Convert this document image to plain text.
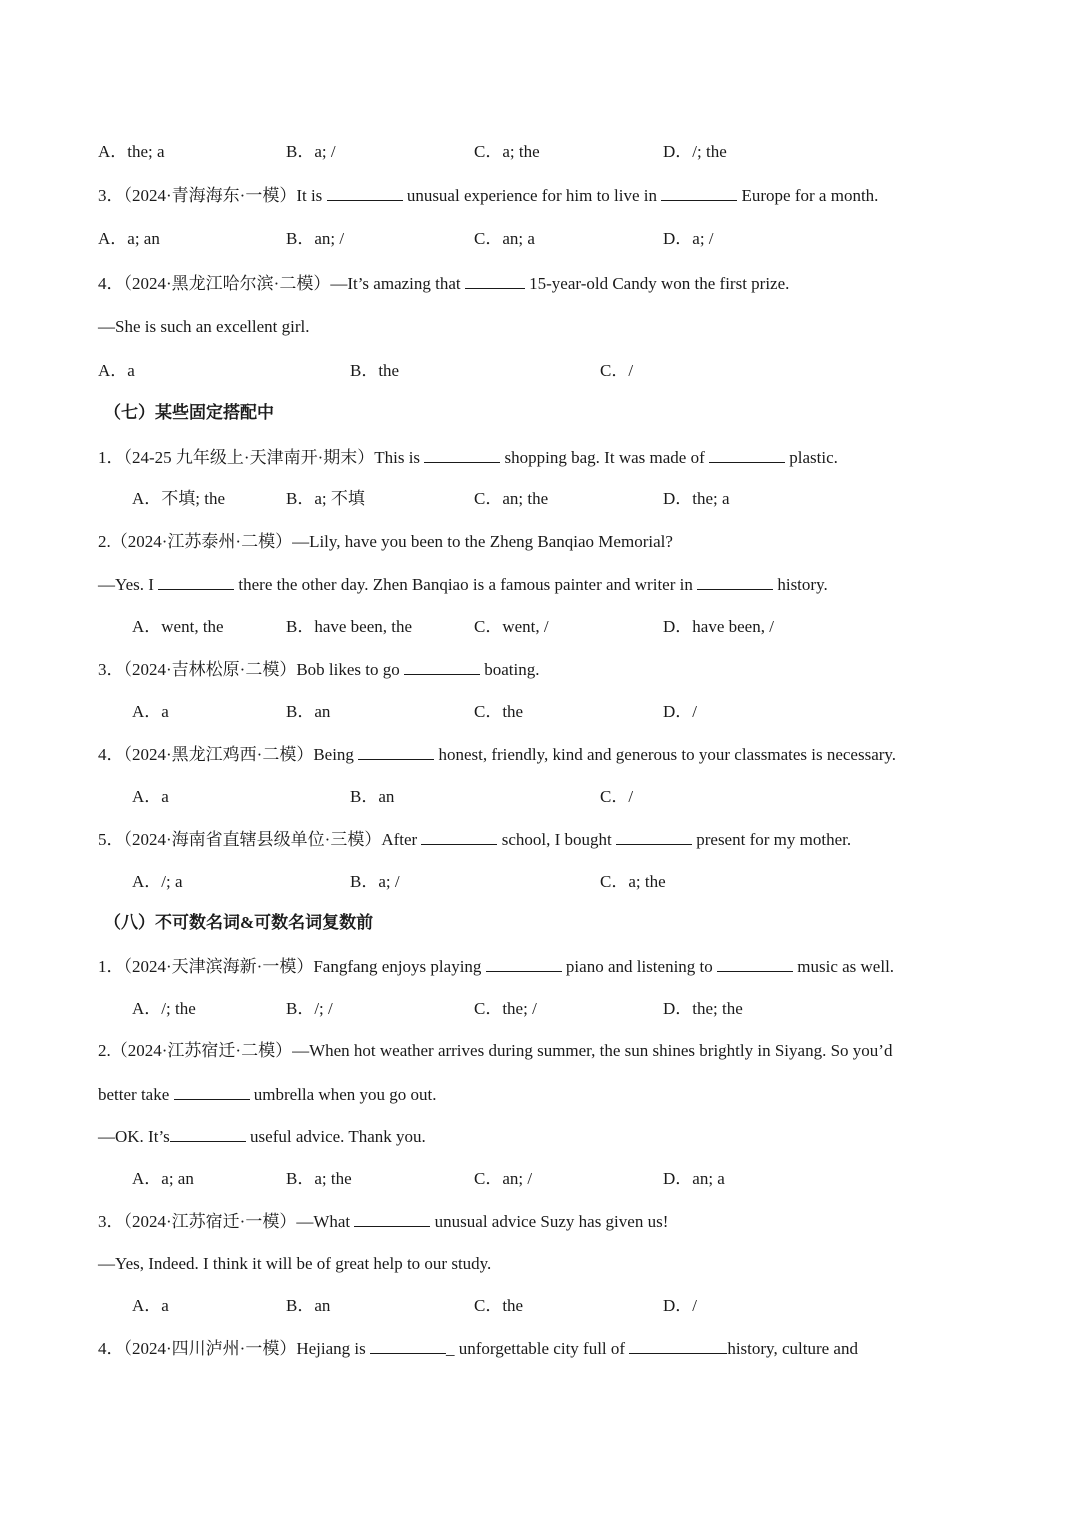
A．the; a	B．a; /	C．a; the	D．/; the
3．（2024·青海海东·一模）It is	unusual experience for him to live in	Europe for a month.
A．a; an	B．an; /	C．an; a	D．a; /
4．（2024·黑龙江哈尔滨·二模）—It’s amazing that	15-year-old Candy won the first prize.
—She is such an excellent girl.
A．a	B．the	C．/
（七）某些固定搭配中
1．（24-25 九年级上·天津南开·期末）This is	shopping bag. It was made of	plastic.
A．不填; the	B．a; 不填	C．an; the	D．the; a
2.（2024·江苏泰州·二模）—Lily, have you been to the Zheng Banqiao Memorial?
—Yes. I	there the other day. Zhen Banqiao is a famous painter and writer in	history.
A．went, the	B．have been, the	C．went, /	D．have been, /
3．（2024·吉林松原·二模）Bob likes to go	boating.
A．a	B．an	C．the	D．/
4．（2024·黑龙江鸡西·二模）Being	honest, friendly, kind and generous to your classmates is necessary.
A．a	B．an	C．/
5．（2024·海南省直辖县级单位·三模）After	school, I bought	present for my mother.
A．/; a	B．a; /	C．a; the
（八）不可数名词&可数名词复数前
1．（2024·天津滨海新·一模）Fangfang enjoys playing	piano and listening to	music as well.
A．/; the	B．/; /	C．the; /	D．the; the
2.（2024·江苏宿迁·二模）—When hot weather arrives during summer, the sun shines brightly in Siyang. So you’d
better take	umbrella when you go out.
—OK. It’s	useful advice. Thank you.
A．a; an	B．a; the	C．an; /	D．an; a
3．（2024·江苏宿迁·一模）—What	unusual advice Suzy has given us!
—Yes, Indeed. I think it will be of great help to our study.
A．a	B．an	C．the	D．/
4．（2024·四川泸州·一模）Hejiang is	_ unforgettable city full of	history, culture and
